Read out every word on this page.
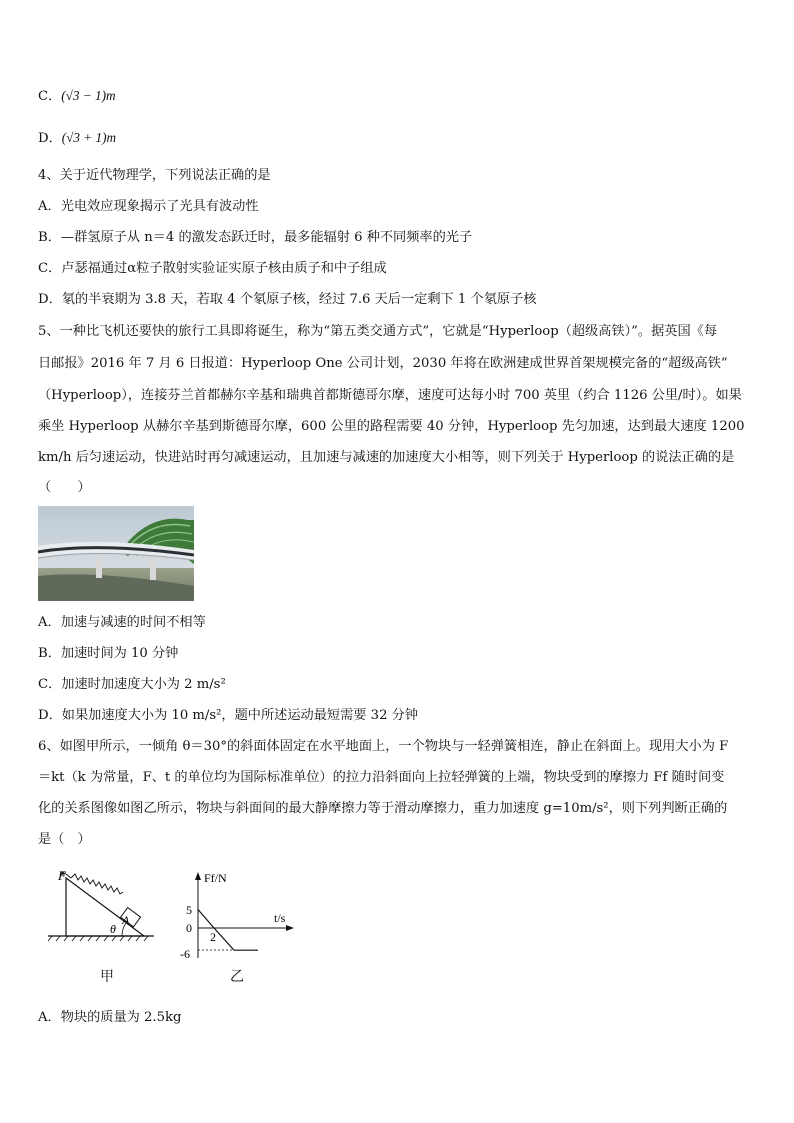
C．(√3 − 1)m
D．(√3 + 1)m
4、关于近代物理学，下列说法正确的是
A．光电效应现象揭示了光具有波动性
B．—群氢原子从 n＝4 的激发态跃迁时，最多能辐射 6 种不同频率的光子
C．卢瑟福通过α粒子散射实验证实原子核由质子和中子组成
D．氡的半衰期为 3.8 天，若取 4 个氡原子核，经过 7.6 天后一定剩下 1 个氡原子核
5、一种比飞机还要快的旅行工具即将诞生，称为“第五类交通方式”，它就是“Hyperloop（超级高铁）”。据英国《每
日邮报》2016 年 7 月 6 日报道：Hyperloop One 公司计划，2030 年将在欧洲建成世界首架规模完备的“超级高铁”
（Hyperloop），连接芬兰首都赫尔辛基和瑞典首都斯德哥尔摩，速度可达每小时 700 英里（约合 1126 公里/时）。如果
乘坐 Hyperloop 从赫尔辛基到斯德哥尔摩，600 公里的路程需要 40 分钟，Hyperloop 先匀加速，达到最大速度 1200
km/h 后匀速运动，快进站时再匀减速运动，且加速与减速的加速度大小相等，则下列关于 Hyperloop 的说法正确的是
（　　）
A．加速与减速的时间不相等
B．加速时间为 10 分钟
C．加速时加速度大小为 2 m/s²
D．如果加速度大小为 10 m/s²，题中所述运动最短需要 32 分钟
6、如图甲所示，一倾角 θ＝30°的斜面体固定在水平地面上，一个物块与一轻弹簧相连，静止在斜面上。现用大小为 F
＝kt（k 为常量，F、t 的单位均为国际标准单位）的拉力沿斜面向上拉轻弹簧的上端，物块受到的摩擦力 Ff 随时间变
化的关系图像如图乙所示，物块与斜面间的最大静摩擦力等于滑动摩擦力，重力加速度 g=10m/s²，则下列判断正确的
是（　）
F
A
θ
甲
Ff/N
t/s
5
0
-6
2
乙
A．物块的质量为 2.5kg
